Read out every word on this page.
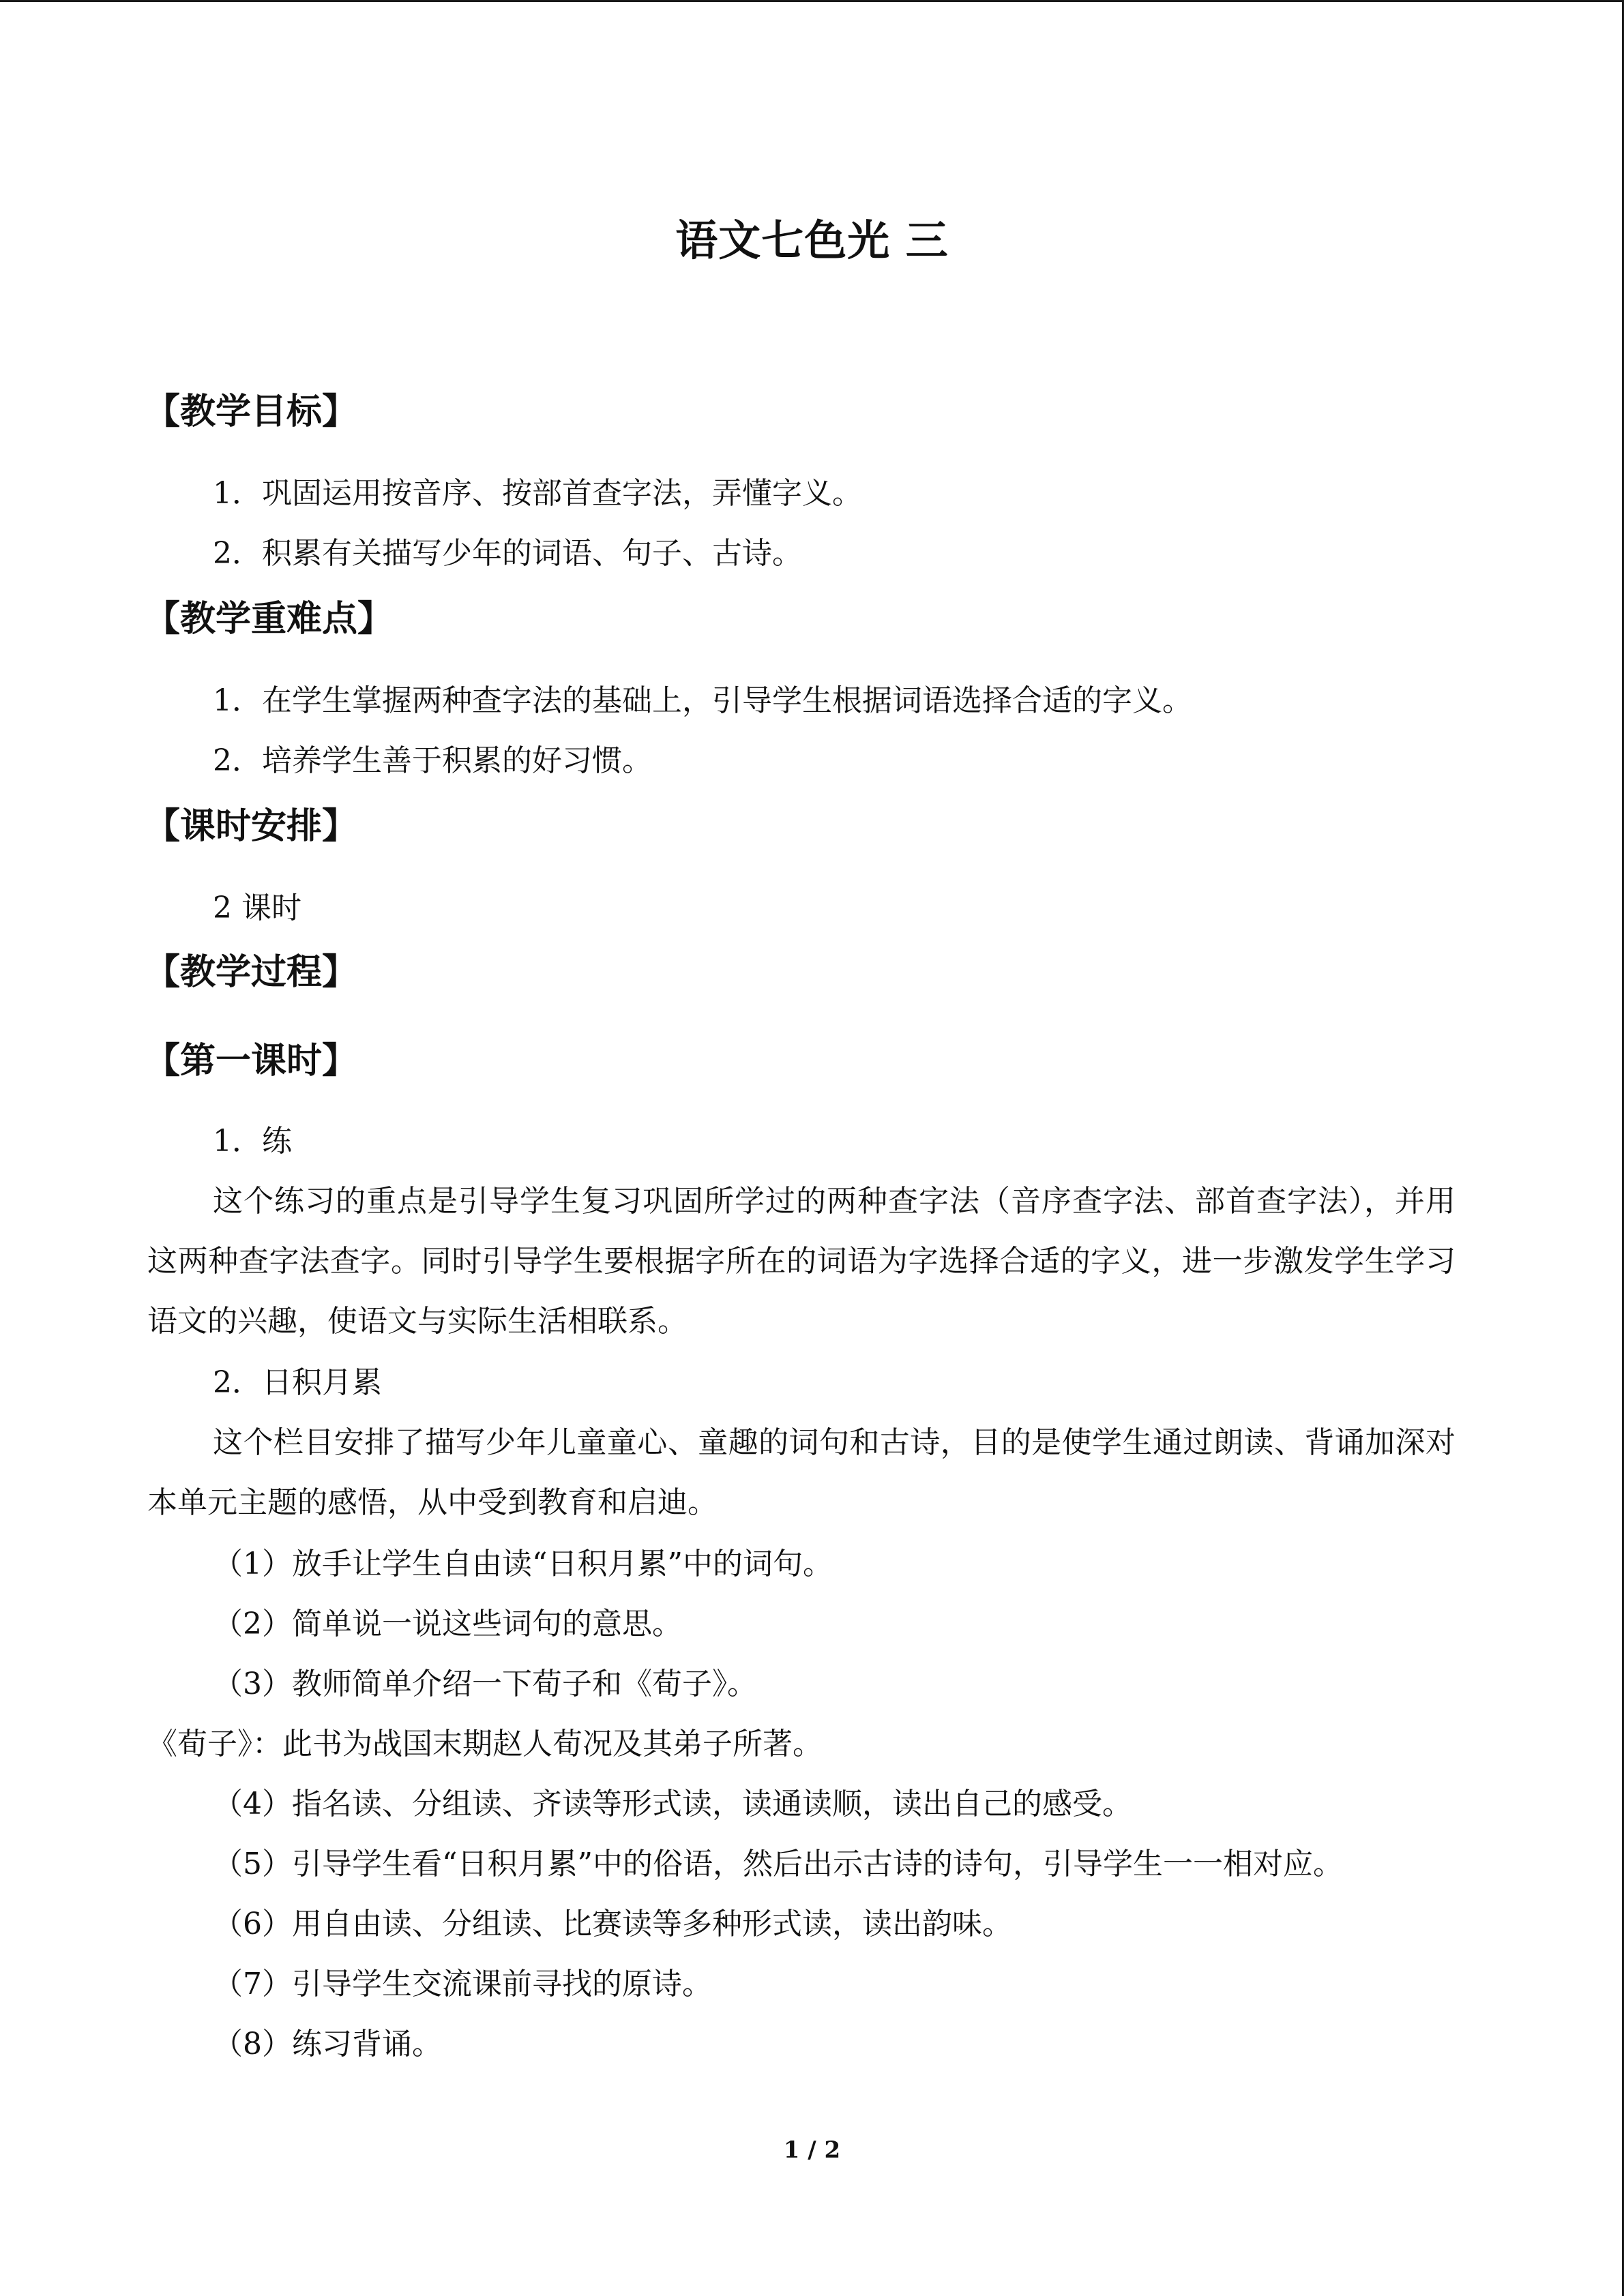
语文七色光 三
【教学目标】
1．巩固运用按音序、按部首查字法，弄懂字义。
2．积累有关描写少年的词语、句子、古诗。
【教学重难点】
1．在学生掌握两种查字法的基础上，引导学生根据词语选择合适的字义。
2．培养学生善于积累的好习惯。
【课时安排】
2 课时
【教学过程】
【第一课时】
1．练
这个练习的重点是引导学生复习巩固所学过的两种查字法（音序查字法、部首查字法），并用这两种查字法查字。同时引导学生要根据字所在的词语为字选择合适的字义，进一步激发学生学习语文的兴趣，使语文与实际生活相联系。
2．日积月累
这个栏目安排了描写少年儿童童心、童趣的词句和古诗，目的是使学生通过朗读、背诵加深对本单元主题的感悟，从中受到教育和启迪。
（1）放手让学生自由读“日积月累”中的词句。
（2）简单说一说这些词句的意思。
（3）教师简单介绍一下荀子和《荀子》。
《荀子》：此书为战国末期赵人荀况及其弟子所著。
（4）指名读、分组读、齐读等形式读，读通读顺，读出自己的感受。
（5）引导学生看“日积月累”中的俗语，然后出示古诗的诗句，引导学生一一相对应。
（6）用自由读、分组读、比赛读等多种形式读，读出韵味。
（7）引导学生交流课前寻找的原诗。
（8）练习背诵。
1 / 2
